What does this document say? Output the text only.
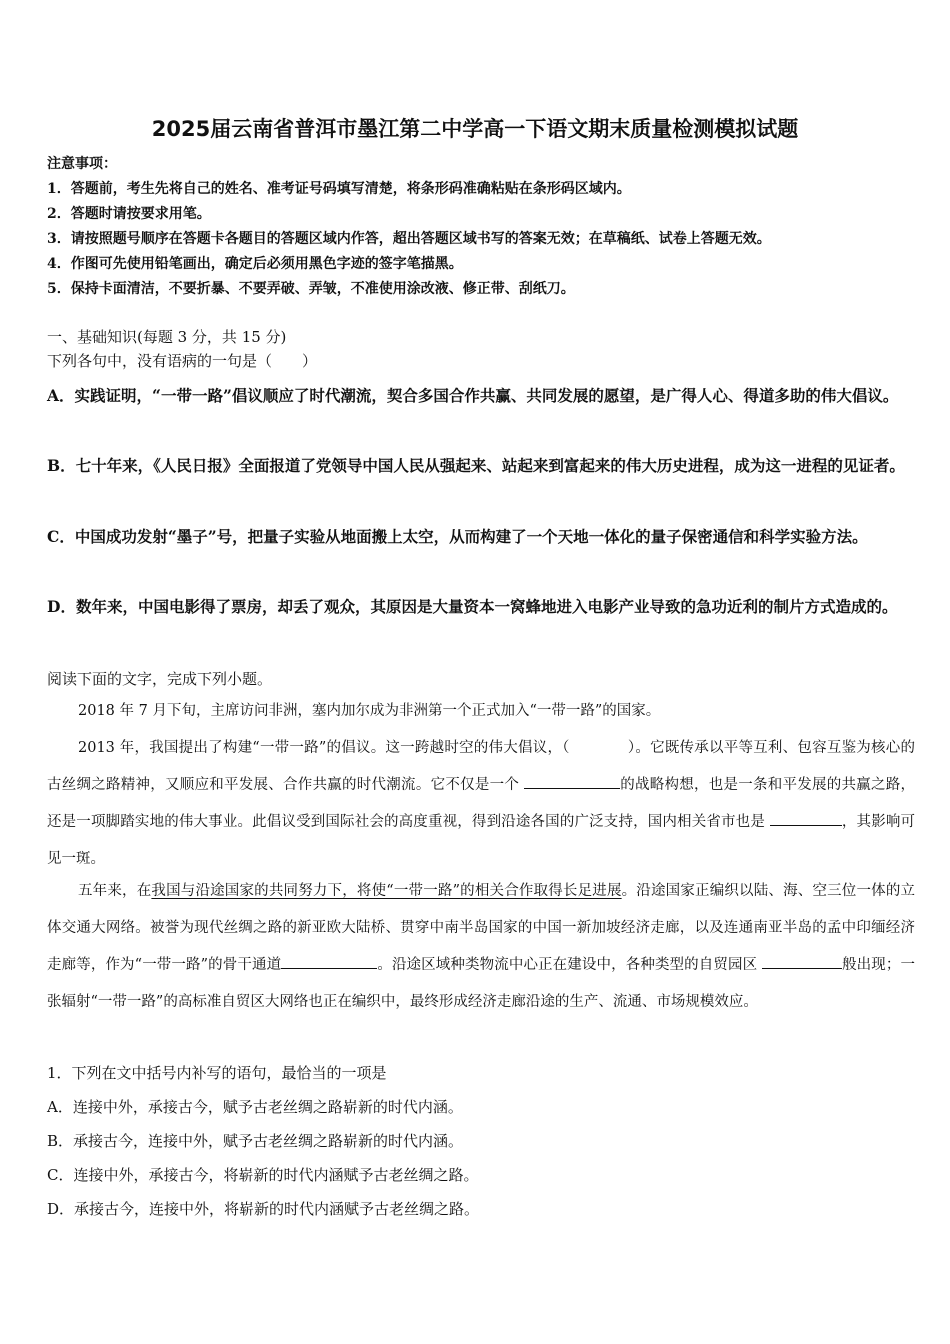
2025届云南省普洱市墨江第二中学高一下语文期末质量检测模拟试题
注意事项：
1．答题前，考生先将自己的姓名、准考证号码填写清楚，将条形码准确粘贴在条形码区域内。
2．答题时请按要求用笔。
3．请按照题号顺序在答题卡各题目的答题区域内作答，超出答题区域书写的答案无效；在草稿纸、试卷上答题无效。
4．作图可先使用铅笔画出，确定后必须用黑色字迹的签字笔描黑。
5．保持卡面清洁，不要折暴、不要弄破、弄皱，不准使用涂改液、修正带、刮纸刀。
一、基础知识(每题 3 分，共 15 分)
下列各句中，没有语病的一句是（　　）
A．实践证明，“一带一路”倡议顺应了时代潮流，契合多国合作共赢、共同发展的愿望，是广得人心、得道多助的伟大倡议。
B．七十年来，《人民日报》全面报道了党领导中国人民从强起来、站起来到富起来的伟大历史进程，成为这一进程的见证者。
C．中国成功发射“墨子”号，把量子实验从地面搬上太空，从而构建了一个天地一体化的量子保密通信和科学实验方法。
D．数年来，中国电影得了票房，却丢了观众，其原因是大量资本一窝蜂地进入电影产业导致的急功近利的制片方式造成的。
阅读下面的文字，完成下列小题。
2018 年 7 月下旬，主席访问非洲，塞内加尔成为非洲第一个正式加入“一带一路”的国家。
2013 年，我国提出了构建“一带一路”的倡议。这一跨越时空的伟大倡议，（	）。它既传承以平等互利、包容互鉴为核心的古丝绸之路精神，又顺应和平发展、合作共赢的时代潮流。它不仅是一个	的战略构想，也是一条和平发展的共赢之路，还是一项脚踏实地的伟大事业。此倡议受到国际社会的高度重视，得到沿途各国的广泛支持，国内相关省市也是	，其影响可见一斑。
五年来，在我国与沿途国家的共同努力下，将使“一带一路”的相关合作取得长足进展。沿途国家正编织以陆、海、空三位一体的立体交通大网络。被誉为现代丝绸之路的新亚欧大陆桥、贯穿中南半岛国家的中国一新加坡经济走廊，以及连通南亚半岛的孟中印缅经济走廊等，作为“一带一路”的骨干通道	。沿途区域种类物流中心正在建设中，各种类型的自贸园区	般出现；一张辐射“一带一路”的高标准自贸区大网络也正在编织中，最终形成经济走廊沿途的生产、流通、市场规模效应。
1．下列在文中括号内补写的语句，最恰当的一项是
A．连接中外，承接古今，赋予古老丝绸之路崭新的时代内涵。
B．承接古今，连接中外，赋予古老丝绸之路崭新的时代内涵。
C．连接中外，承接古今，将崭新的时代内涵赋予古老丝绸之路。
D．承接古今，连接中外，将崭新的时代内涵赋予古老丝绸之路。
